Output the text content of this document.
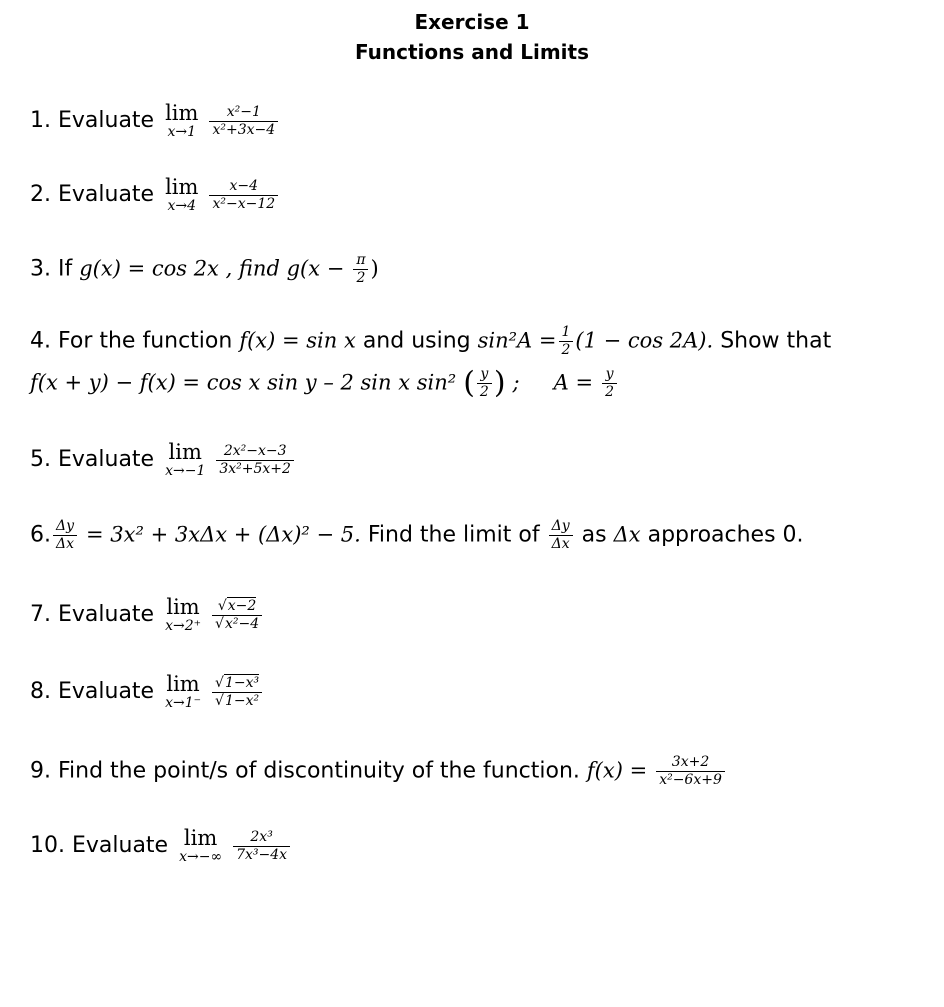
Exercise 1
Functions and Limits
1. Evaluate lim
x→1
$\frac{\text{x²−1}}{\text{x²+3x−4}}$
2. Evaluate lim
x→4
$\frac{x-4}{\text{x²−x−12}}$
3. If g(x) = cos 2x , find $g(x - \frac{\pi}{2}$ )
4. For the function f(x) = sin x and using $\sin^2A = \frac{1}{2} (1 - \cos 2A)$. Show that
f(x + y) − f(x) = cos x sin y – 2 sin x sin² ( $\frac{y}{2}$ ) ; $A = \frac{y}{2}$
5. Evaluate lim
x→−1
$\frac{\text{2x²−x−3}}{\text{3x²+5x+2}}$
6. $\frac{\Delta y}{\Delta x} = 3x^2 + 3x\Delta x + (\Delta x)^2 - 5$. Find the limit of $\frac{\Delta y}{\Delta x}$ as Δx approaches 0.
7. Evaluate lim
x→2⁺
$\frac{√x-2}{\text{√x²−4}}$
8. Evaluate lim
x→1⁻
$\frac{\text{√1−x³}}{\text{√1−x²}}$
9. Find the point/s of discontinuity of the function. $f(x) = \frac{3x+2}{\text{x²−6x+9}}$
10. Evaluate lim
x→−∞
$\frac{\text{2x³}}{\text{7x³−4x}}$
